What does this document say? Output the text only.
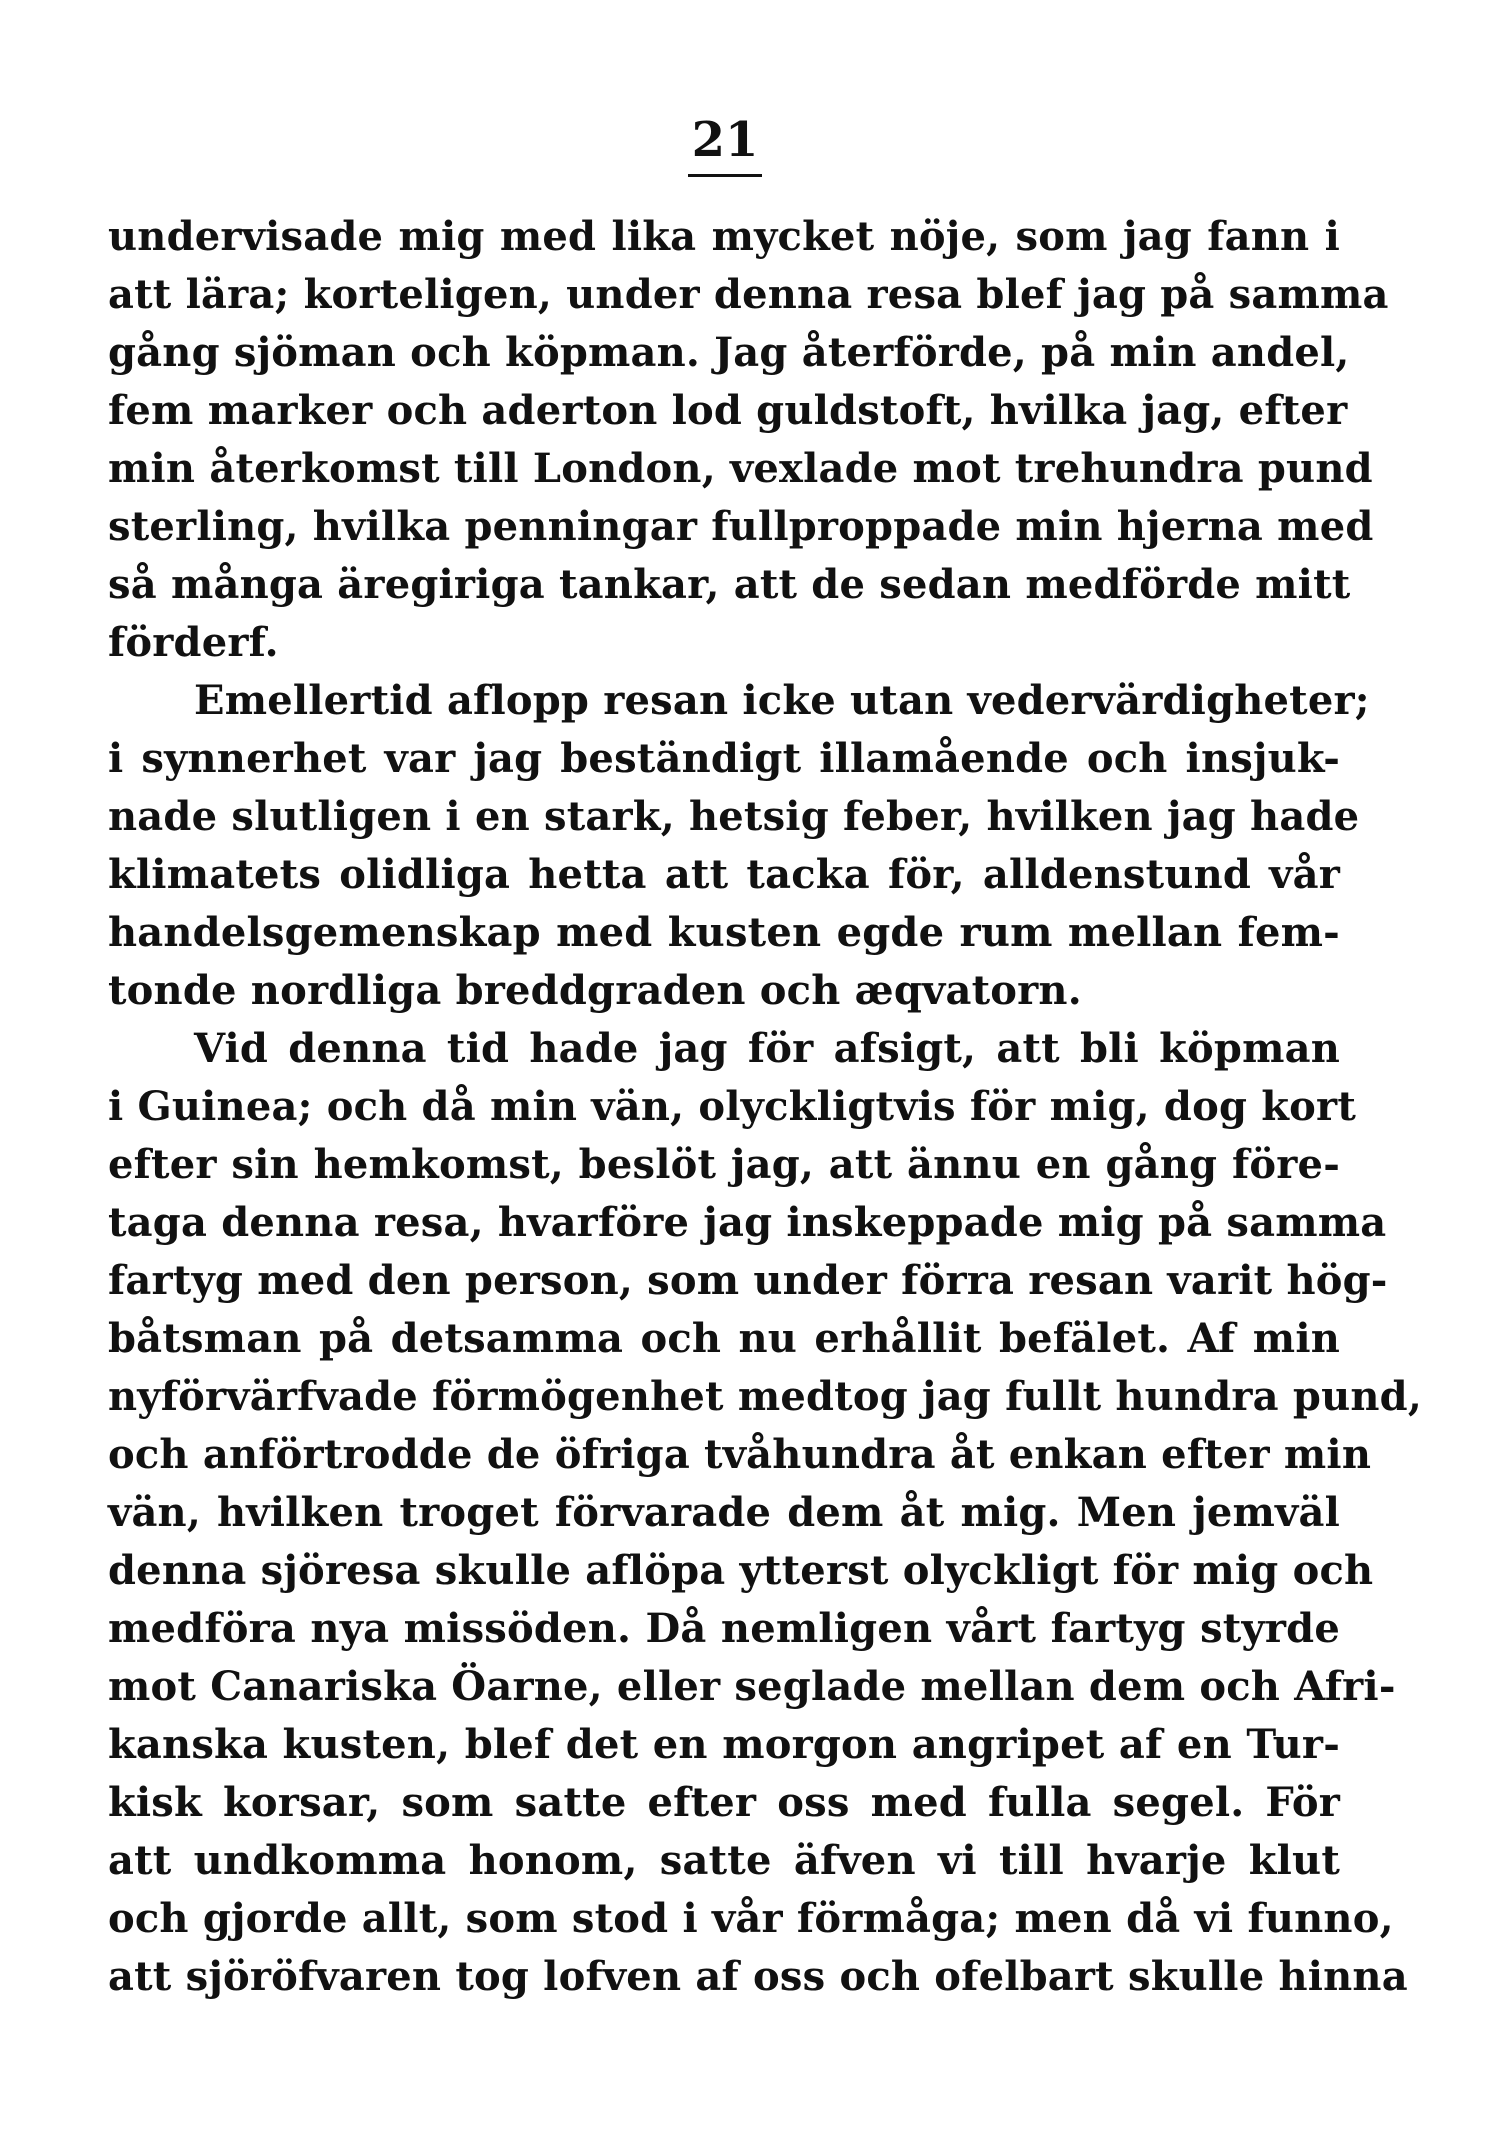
21
undervisade mig med lika mycket nöje, som jag fann i
att lära; korteligen, under denna resa blef jag på samma
gång sjöman och köpman. Jag återförde, på min andel,
fem marker och aderton lod guldstoft, hvilka jag, efter
min återkomst till London, vexlade mot trehundra pund
sterling, hvilka penningar fullproppade min hjerna med
så många äregiriga tankar, att de sedan medförde mitt
förderf.
Emellertid aflopp resan icke utan vedervärdigheter;
i synnerhet var jag beständigt illamående och insjuk-
nade slutligen i en stark, hetsig feber, hvilken jag hade
klimatets olidliga hetta att tacka för, alldenstund vår
handelsgemenskap med kusten egde rum mellan fem-
tonde nordliga breddgraden och æqvatorn.
Vid denna tid hade jag för afsigt, att bli köpman
i Guinea; och då min vän, olyckligtvis för mig, dog kort
efter sin hemkomst, beslöt jag, att ännu en gång före-
taga denna resa, hvarföre jag inskeppade mig på samma
fartyg med den person, som under förra resan varit hög-
båtsman på detsamma och nu erhållit befälet. Af min
nyförvärfvade förmögenhet medtog jag fullt hundra pund,
och anförtrodde de öfriga tvåhundra åt enkan efter min
vän, hvilken troget förvarade dem åt mig. Men jemväl
denna sjöresa skulle aflöpa ytterst olyckligt för mig och
medföra nya missöden. Då nemligen vårt fartyg styrde
mot Canariska Öarne, eller seglade mellan dem och Afri-
kanska kusten, blef det en morgon angripet af en Tur-
kisk korsar, som satte efter oss med fulla segel. För
att undkomma honom, satte äfven vi till hvarje klut
och gjorde allt, som stod i vår förmåga; men då vi funno,
att sjöröfvaren tog lofven af oss och ofelbart skulle hinna
